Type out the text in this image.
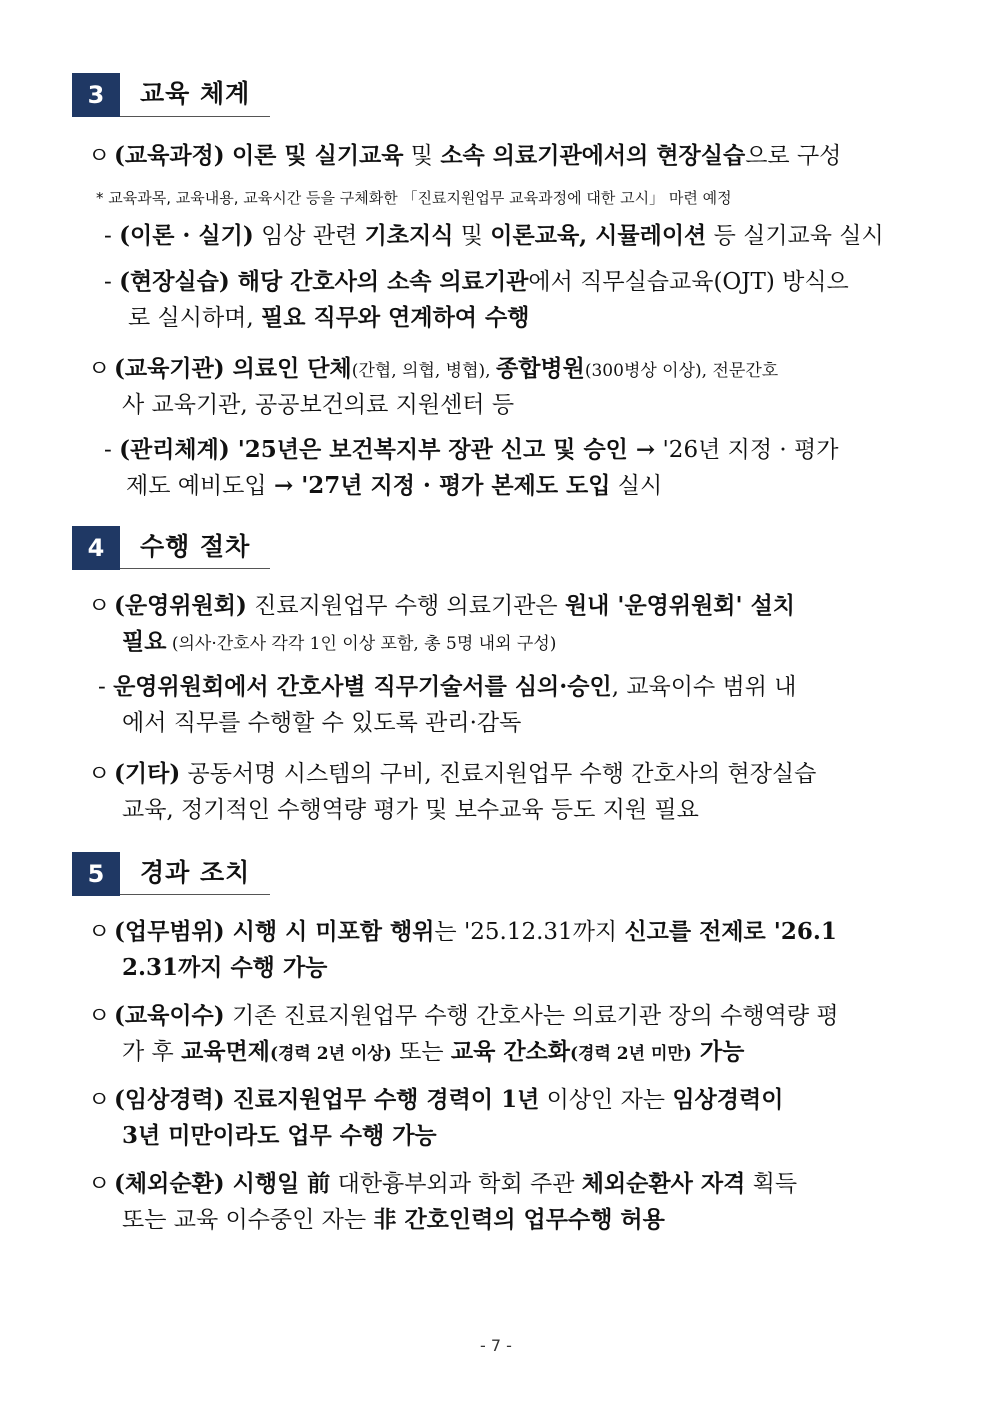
3	교육 체계
ㅇ (교육과정) 이론 및 실기교육 및 소속 의료기관에서의 현장실습으로 구성
* 교육과목, 교육내용, 교육시간 등을 구체화한 「진료지원업무 교육과정에 대한 고시」 마련 예정
- (이론 · 실기) 임상 관련 기초지식 및 이론교육, 시뮬레이션 등 실기교육 실시
- (현장실습) 해당 간호사의 소속 의료기관에서 직무실습교육(OJT) 방식으
로 실시하며, 필요 직무와 연계하여 수행
ㅇ (교육기관) 의료인 단체(간협, 의협, 병협), 종합병원(300병상 이상), 전문간호
사 교육기관, 공공보건의료 지원센터 등
- (관리체계) '25년은 보건복지부 장관 신고 및 승인 → '26년 지정 · 평가
제도 예비도입 → '27년 지정 · 평가 본제도 도입 실시
4	수행 절차
ㅇ (운영위원회) 진료지원업무 수행 의료기관은 원내 '운영위원회' 설치
필요 (의사·간호사 각각 1인 이상 포함, 총 5명 내외 구성)
- 운영위원회에서 간호사별 직무기술서를 심의·승인, 교육이수 범위 내
에서 직무를 수행할 수 있도록 관리·감독
ㅇ (기타) 공동서명 시스템의 구비, 진료지원업무 수행 간호사의 현장실습
교육, 정기적인 수행역량 평가 및 보수교육 등도 지원 필요
5	경과 조치
ㅇ (업무범위) 시행 시 미포함 행위는 '25.12.31까지 신고를 전제로 '26.1
2.31까지 수행 가능
ㅇ (교육이수) 기존 진료지원업무 수행 간호사는 의료기관 장의 수행역량 평
가 후 교육면제(경력 2년 이상) 또는 교육 간소화(경력 2년 미만) 가능
ㅇ (임상경력) 진료지원업무 수행 경력이 1년 이상인 자는 임상경력이
3년 미만이라도 업무 수행 가능
ㅇ (체외순환) 시행일 前 대한흉부외과 학회 주관 체외순환사 자격 획득
또는 교육 이수중인 자는 非 간호인력의 업무수행 허용
- 7 -
